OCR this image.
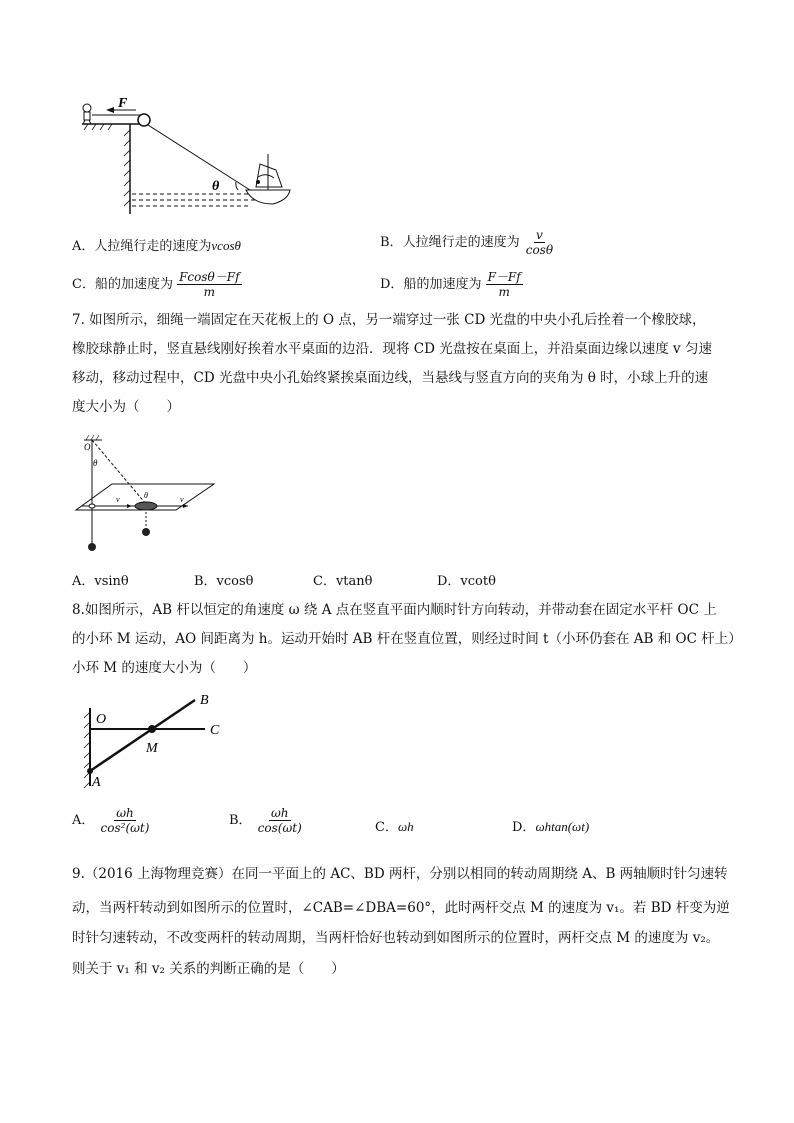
F
θ
A．人拉绳行走的速度为vcosθ	B．人拉绳行走的速度为 $\frac{v}{\cos\theta}$
C．船的加速度为 $\frac{Fcos\theta-Ff}{m}$	D．船的加速度为 $\frac{F-Ff}{m}$
7. 如图所示，细绳一端固定在天花板上的 O 点，另一端穿过一张 CD 光盘的中央小孔后拴着一个橡胶球，
橡胶球静止时，竖直悬线刚好挨着水平桌面的边沿．现将 CD 光盘按在桌面上，并沿桌面边缘以速度 v 匀速
移动，移动过程中，CD 光盘中央小孔始终紧挨桌面边线，当悬线与竖直方向的夹角为 θ 时，小球上升的速
度大小为（　　）
O
θ
v	v
θ
A．vsinθ	B．vcosθ	C．vtanθ	D．vcotθ
8.如图所示，AB 杆以恒定的角速度 ω 绕 A 点在竖直平面内顺时针方向转动，并带动套在固定水平杆 OC 上
的小环 M 运动，AO 间距离为 h。运动开始时 AB 杆在竖直位置，则经过时间 t（小环仍套在 AB 和 OC 杆上）
小环 M 的速度大小为（　　）
O
B
C
M
A
A． $\frac{\omega h}{\text{cos²(ωt)}}$	B． $\frac{\omega h}{\cos(\omega t)}$	C．ωh	D．ωhtan(ωt)
9.（2016 上海物理竞赛）在同一平面上的 AC、BD 两杆，分别以相同的转动周期绕 A、B 两轴顺时针匀速转
动，当两杆转动到如图所示的位置时，∠CAB=∠DBA=60°，此时两杆交点 M 的速度为 v₁。若 BD 杆变为逆
时针匀速转动，不改变两杆的转动周期，当两杆恰好也转动到如图所示的位置时，两杆交点 M 的速度为 v₂。
则关于 v₁ 和 v₂ 关系的判断正确的是（　　）
